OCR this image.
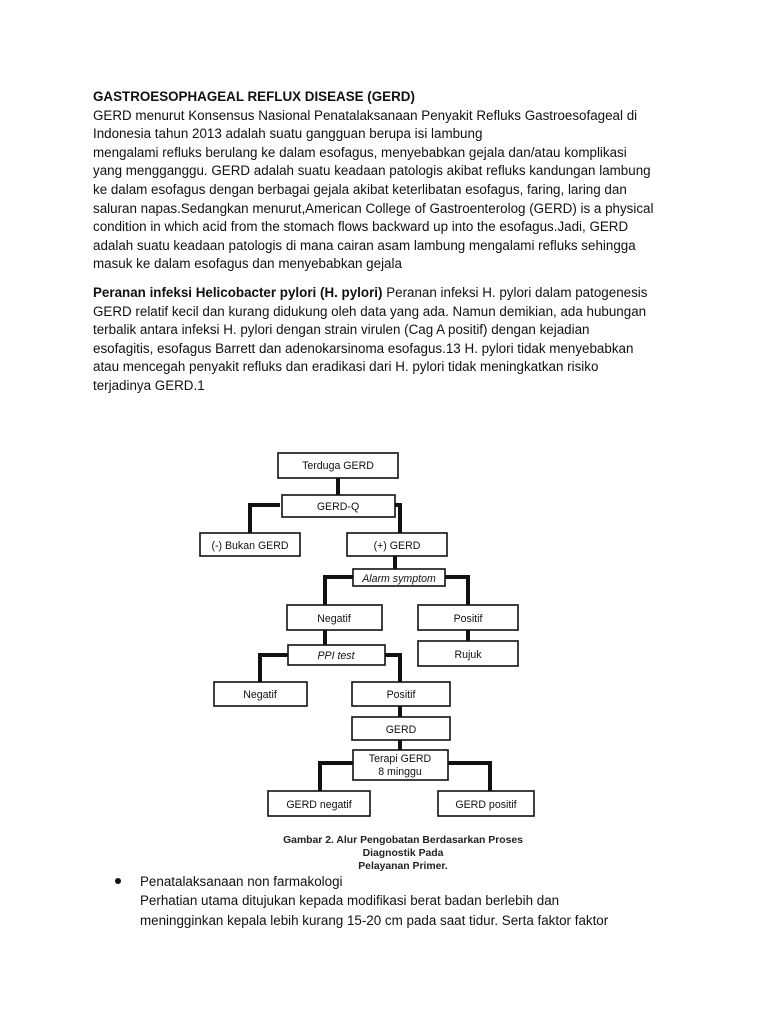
GASTROESOPHAGEAL REFLUX DISEASE (GERD)
GERD menurut Konsensus Nasional Penatalaksanaan Penyakit Refluks Gastroesofageal di
Indonesia tahun 2013 adalah suatu gangguan berupa isi lambung
mengalami refluks berulang ke dalam esofagus, menyebabkan gejala dan/atau komplikasi
yang mengganggu. GERD adalah suatu keadaan patologis akibat refluks kandungan lambung
ke dalam esofagus dengan berbagai gejala akibat keterlibatan esofagus, faring, laring dan
saluran napas.Sedangkan menurut,American College of Gastroenterolog (GERD) is a physical
condition in which acid from the stomach flows backward up into the esofagus.Jadi, GERD
adalah suatu keadaan patologis di mana cairan asam lambung mengalami refluks sehingga
masuk ke dalam esofagus dan menyebabkan gejala
Peranan infeksi Helicobacter pylori (H. pylori) Peranan infeksi H. pylori dalam patogenesis
GERD relatif kecil dan kurang didukung oleh data yang ada. Namun demikian, ada hubungan
terbalik antara infeksi H. pylori dengan strain virulen (Cag A positif) dengan kejadian
esofagitis, esofagus Barrett dan adenokarsinoma esofagus.13 H. pylori tidak menyebabkan
atau mencegah penyakit refluks dan eradikasi dari H. pylori tidak meningkatkan risiko
terjadinya GERD.1
Terduga GERD
GERD-Q
(-) Bukan GERD	(+) GERD
Alarm symptom
Negatif	Positif
PPI test	Rujuk
Negatif	Positif
GERD
Terapi GERD
8 minggu
GERD negatif	GERD positif
Gambar 2. Alur Pengobatan Berdasarkan Proses Diagnostik Pada
Pelayanan Primer.
Penatalaksanaan non farmakologi
Perhatian utama ditujukan kepada modifikasi berat badan berlebih dan
meningginkan kepala lebih kurang 15-20 cm pada saat tidur. Serta faktor faktor
